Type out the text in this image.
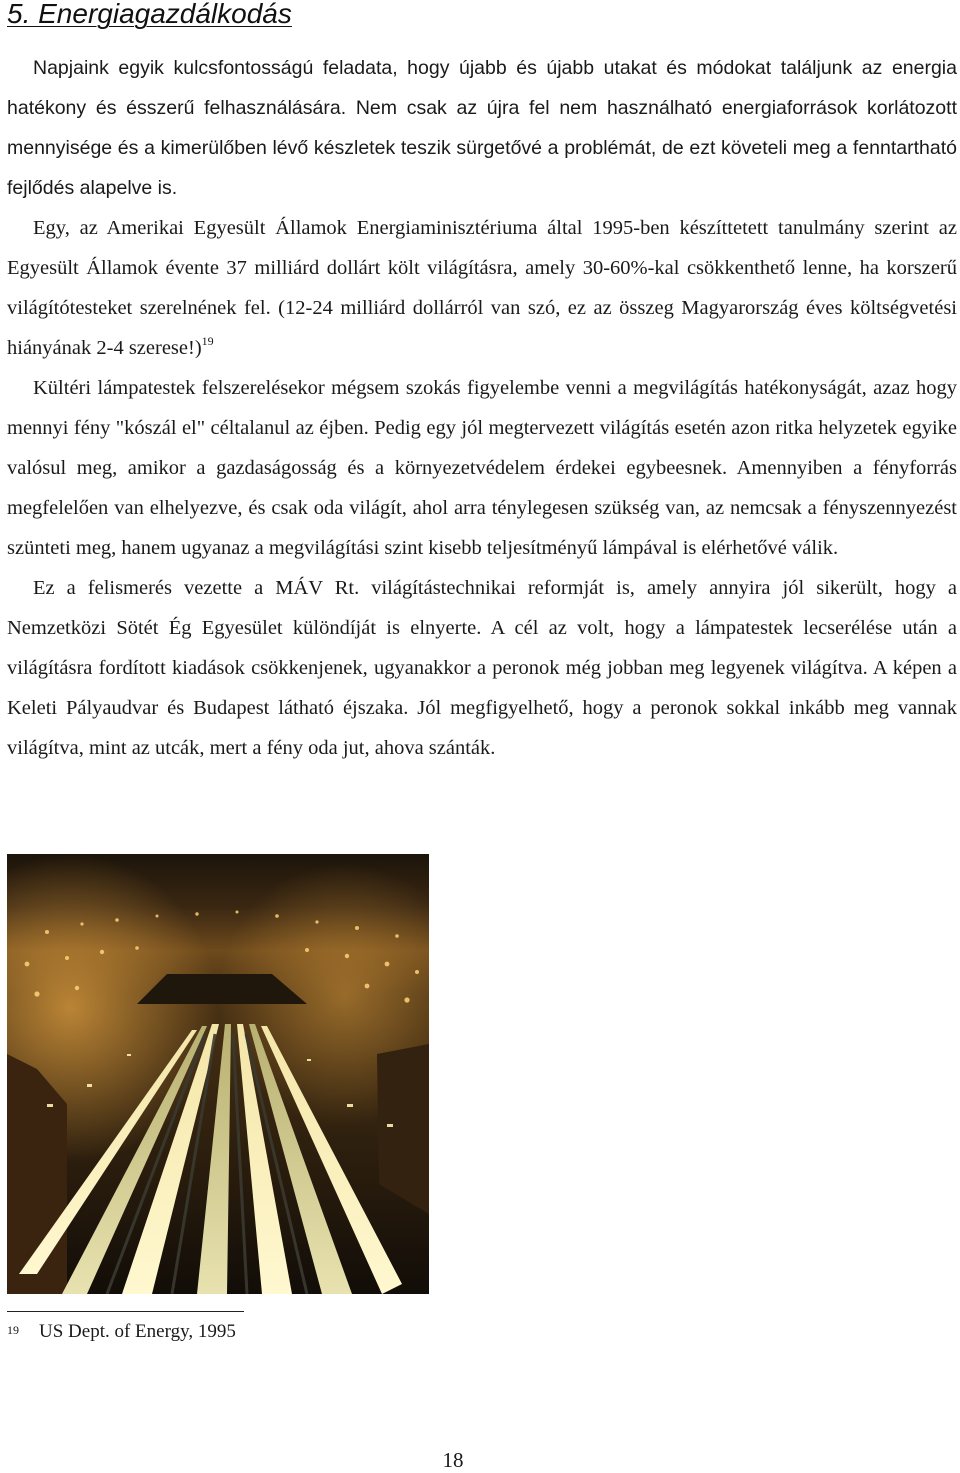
5. Energiagazdálkodás

Napjaink egyik kulcsfontosságú feladata, hogy újabb és újabb utakat és módokat találjunk az energia hatékony és ésszerű felhasználására. Nem csak az újra fel nem használható energiaforrások korlátozott mennyisége és a kimerülőben lévő készletek teszik sürgetővé a problémát, de ezt követeli meg a fenntartható fejlődés alapelve is.

Egy, az Amerikai Egyesült Államok Energiaminisztériuma által 1995-ben készíttetett tanulmány szerint az Egyesült Államok évente 37 milliárd dollárt költ világításra, amely 30-60%-kal csökkenthető lenne, ha korszerű világítótesteket szerelnének fel. (12-24 milliárd dollárról van szó, ez az összeg Magyarország éves költségvetési hiányának 2-4 szerese!)$^{19}$

Kültéri lámpatestek felszerelésekor mégsem szokás figyelembe venni a megvilágítás hatékonyságát, azaz hogy mennyi fény "kószál el" céltalanul az éjben. Pedig egy jól megtervezett világítás esetén azon ritka helyzetek egyike valósul meg, amikor a gazdaságosság és a környezetvédelem érdekei egybeesnek. Amennyiben a fényforrás megfelelően van elhelyezve, és csak oda világít, ahol arra ténylegesen szükség van, az nemcsak a fényszennyezést szünteti meg, hanem ugyanaz a megvilágítási szint kisebb teljesítményű lámpával is elérhetővé válik.

Ez a felismerés vezette a MÁV Rt. világítástechnikai reformját is, amely annyira jól sikerült, hogy a Nemzetközi Sötét Ég Egyesület különdíját is elnyerte. A cél az volt, hogy a lámpatestek lecserélése után a világításra fordított kiadások csökkenjenek, ugyanakkor a peronok még jobban meg legyenek világítva. A képen a Keleti Pályaudvar és Budapest látható éjszaka. Jól megfigyelhető, hogy a peronok sokkal inkább meg vannak világítva, mint az utcák, mert a fény oda jut, ahova szánták.

19 US Dept. of Energy, 1995
18
